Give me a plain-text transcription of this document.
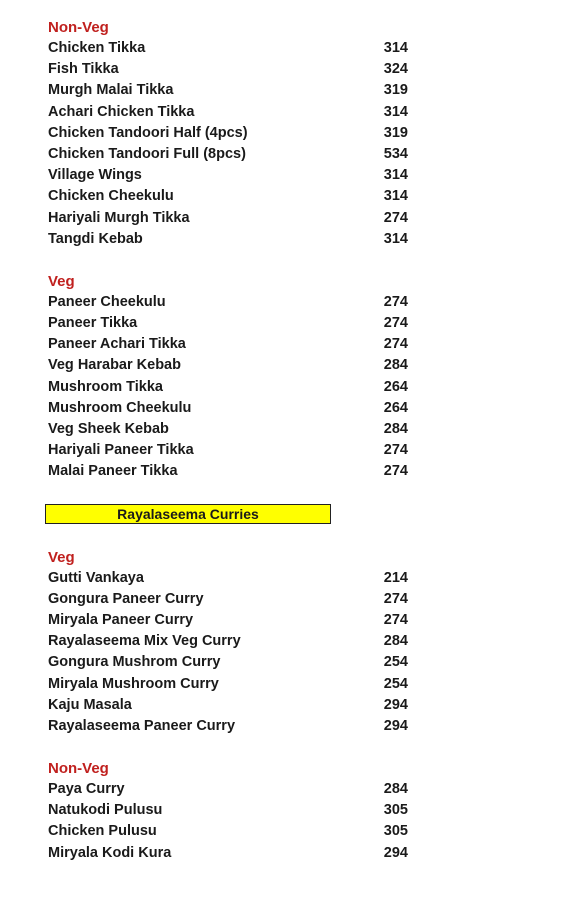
Non-Veg
Chicken Tikka	314
Fish Tikka	324
Murgh Malai Tikka	319
Achari Chicken Tikka	314
Chicken Tandoori Half (4pcs)	319
Chicken Tandoori Full (8pcs)	534
Village Wings	314
Chicken Cheekulu	314
Hariyali Murgh Tikka	274
Tangdi Kebab	314
Veg
Paneer Cheekulu	274
Paneer Tikka	274
Paneer Achari Tikka	274
Veg Harabar Kebab	284
Mushroom Tikka	264
Mushroom Cheekulu	264
Veg Sheek Kebab	284
Hariyali Paneer Tikka	274
Malai Paneer Tikka	274
Rayalaseema Curries
Veg
Gutti Vankaya	214
Gongura Paneer Curry	274
Miryala Paneer Curry	274
Rayalaseema Mix Veg Curry	284
Gongura Mushrom Curry	254
Miryala Mushroom Curry	254
Kaju Masala	294
Rayalaseema Paneer Curry	294
Non-Veg
Paya Curry	284
Natukodi Pulusu	305
Chicken Pulusu	305
Miryala Kodi Kura	294
